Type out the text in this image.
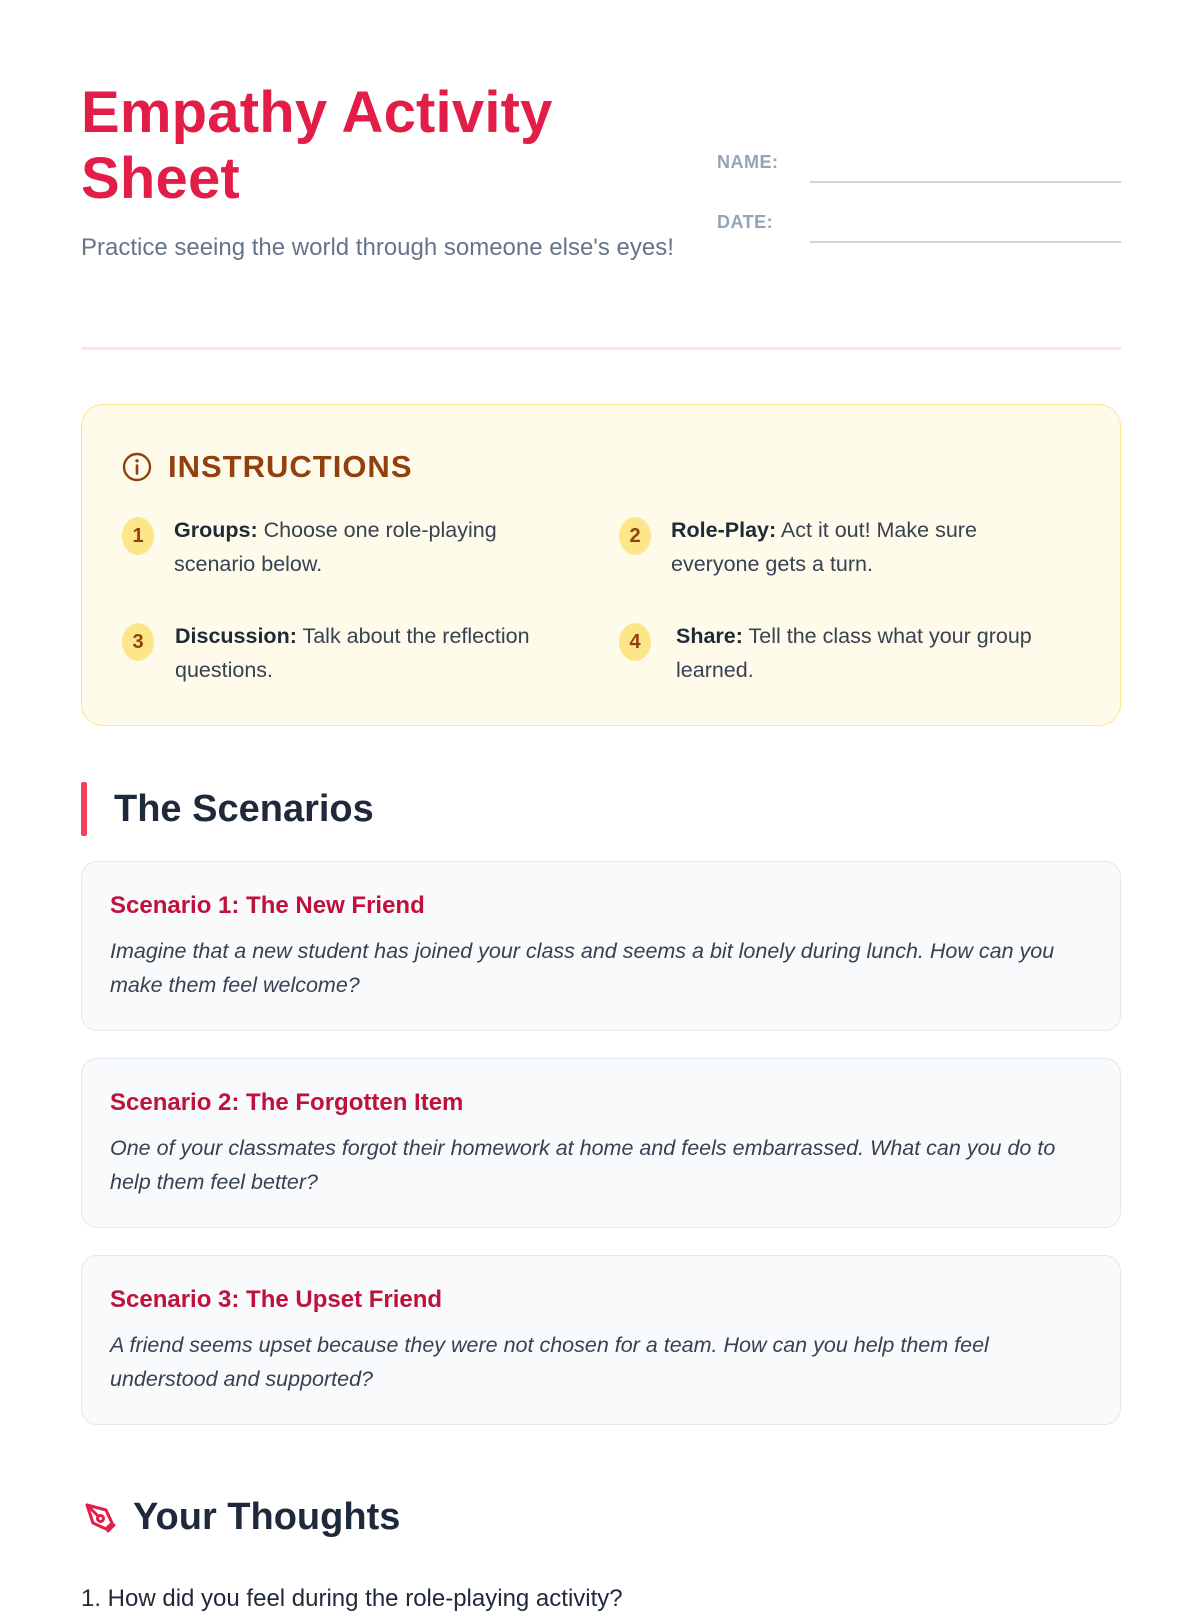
Empathy Activity Sheet

Practice seeing the world through someone else's eyes!

NAME:
DATE:
INSTRUCTIONS
1	Groups: Choose one role-playing scenario below.
2	Role-Play: Act it out! Make sure everyone gets a turn.
3	Discussion: Talk about the reflection questions.
4	Share: Tell the class what your group learned.
The Scenarios
Scenario 1: The New Friend

Imagine that a new student has joined your class and seems a bit lonely during lunch. How can you make them feel welcome?

Scenario 2: The Forgotten Item

One of your classmates forgot their homework at home and feels embarrassed. What can you do to help them feel better?

Scenario 3: The Upset Friend

A friend seems upset because they were not chosen for a team. How can you help them feel understood and supported?

Your Thoughts
1. How did you feel during the role-playing activity?
